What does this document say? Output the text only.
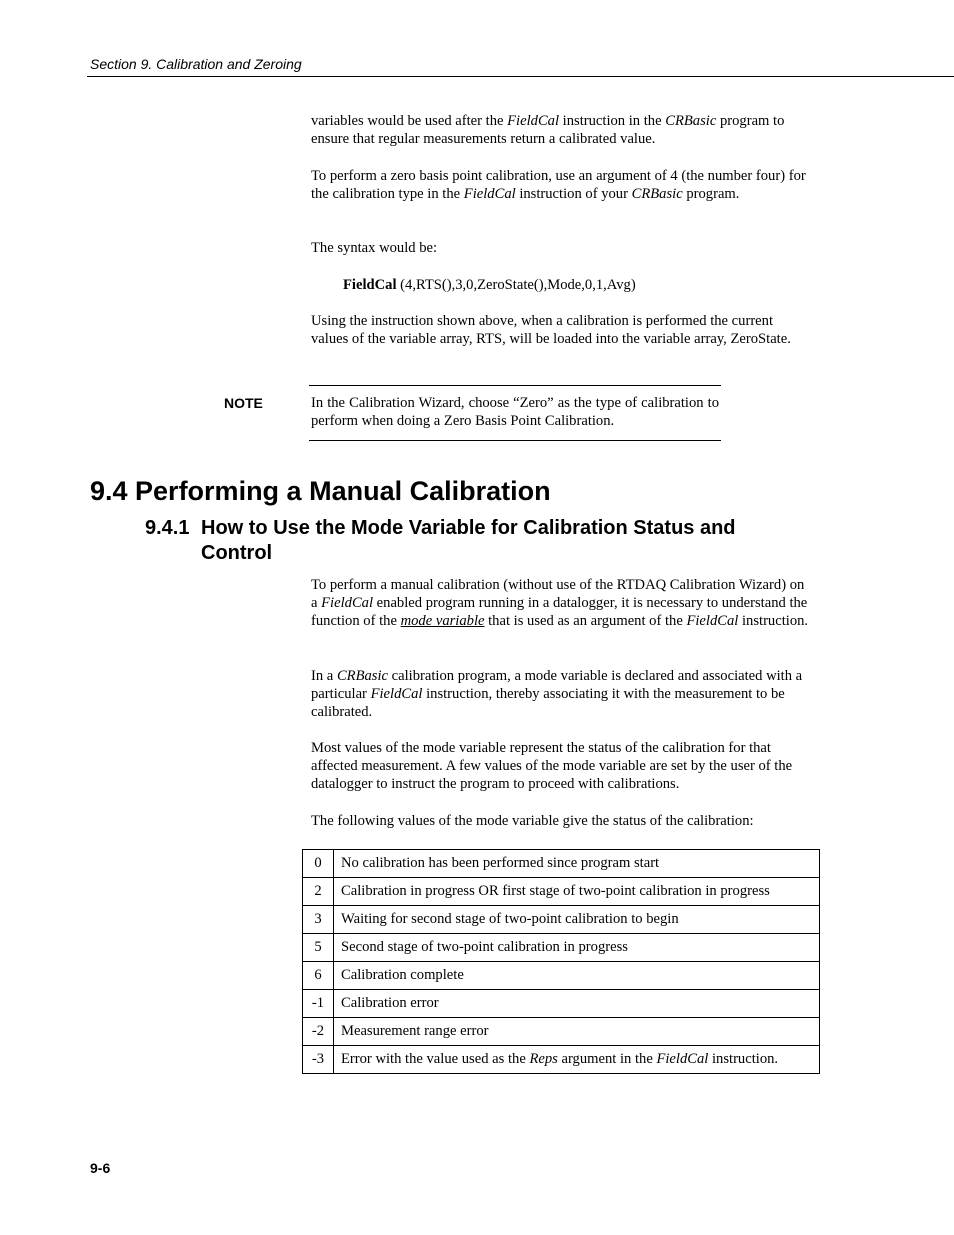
Section 9. Calibration and Zeroing

variables would be used after the FieldCal instruction in the CRBasic program to ensure that regular measurements return a calibrated value.

To perform a zero basis point calibration, use an argument of 4 (the number four) for the calibration type in the FieldCal instruction of your CRBasic program.

The syntax would be:
FieldCal (4,RTS(),3,0,ZeroState(),Mode,0,1,Avg)
Using the instruction shown above, when a calibration is performed the current values of the variable array, RTS, will be loaded into the variable array, ZeroState.
NOTE	In the Calibration Wizard, choose “Zero” as the type of calibration to perform when doing a Zero Basis Point Calibration.
9.4 Performing a Manual Calibration
9.4.1 How to Use the Mode Variable for Calibration Status and
Control

To perform a manual calibration (without use of the RTDAQ Calibration Wizard) on a FieldCal enabled program running in a datalogger, it is necessary to understand the function of the mode variable that is used as an argument of the FieldCal instruction.

In a CRBasic calibration program, a mode variable is declared and associated with a particular FieldCal instruction, thereby associating it with the measurement to be calibrated.

Most values of the mode variable represent the status of the calibration for that affected measurement. A few values of the mode variable are set by the user of the datalogger to instruct the program to proceed with calibrations.
The following values of the mode variable give the status of the calibration:
0	No calibration has been performed since program start
2	Calibration in progress OR first stage of two-point calibration in progress
3	Waiting for second stage of two-point calibration to begin
5	Second stage of two-point calibration in progress
6	Calibration complete
-1	Calibration error
-2	Measurement range error
-3	Error with the value used as the Reps argument in the FieldCal instruction.
9-6
